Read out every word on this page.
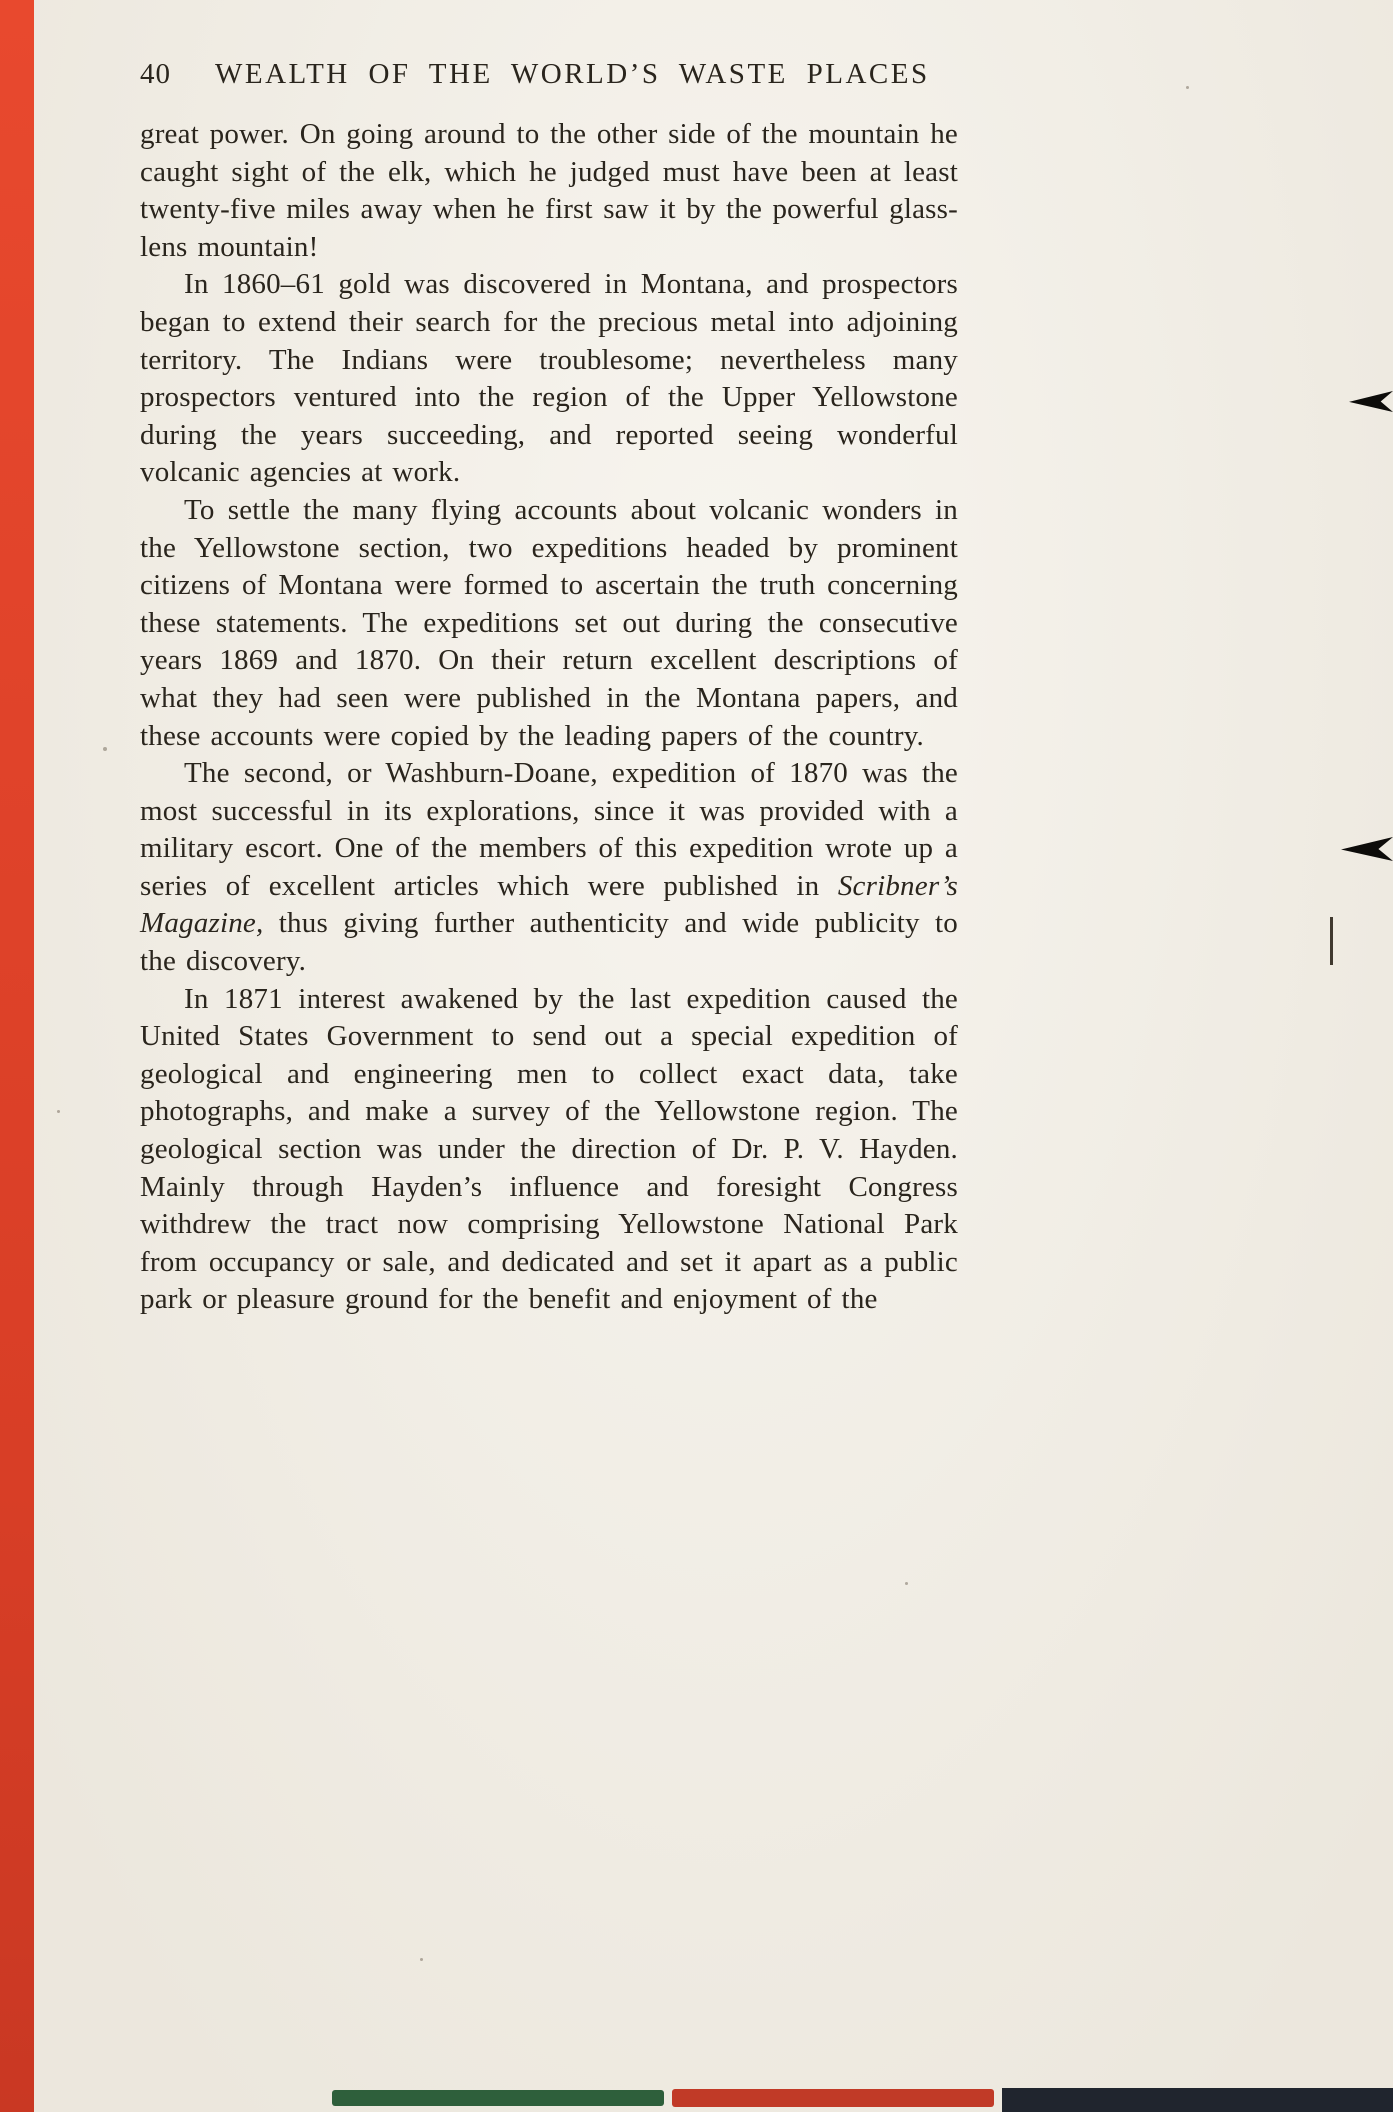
40 WEALTH OF THE WORLD’S WASTE PLACES

great power. On going around to the other side of the mountain he caught sight of the elk, which he judged must have been at least twenty-five miles away when he first saw it by the powerful glass-lens mountain!

In 1860–61 gold was discovered in Montana, and prospectors began to extend their search for the precious metal into adjoining territory. The Indians were troublesome; nevertheless many prospectors ventured into the region of the Upper Yellowstone during the years succeeding, and reported seeing wonderful volcanic agencies at work.

To settle the many flying accounts about volcanic wonders in the Yellowstone section, two expeditions headed by prominent citizens of Montana were formed to ascertain the truth concerning these statements. The expeditions set out during the consecutive years 1869 and 1870. On their return excellent descriptions of what they had seen were published in the Montana papers, and these accounts were copied by the leading papers of the country.

The second, or Washburn-Doane, expedition of 1870 was the most successful in its explorations, since it was provided with a military escort. One of the members of this expedition wrote up a series of excellent articles which were published in Scribner’s Magazine, thus giving further authenticity and wide publicity to the discovery.

In 1871 interest awakened by the last expedition caused the United States Government to send out a special expedition of geological and engineering men to collect exact data, take photographs, and make a survey of the Yellowstone region. The geological section was under the direction of Dr. P. V. Hayden. Mainly through Hayden’s influence and foresight Congress withdrew the tract now comprising Yellowstone National Park from occupancy or sale, and dedicated and set it apart as a public park or pleasure ground for the benefit and enjoyment of the
